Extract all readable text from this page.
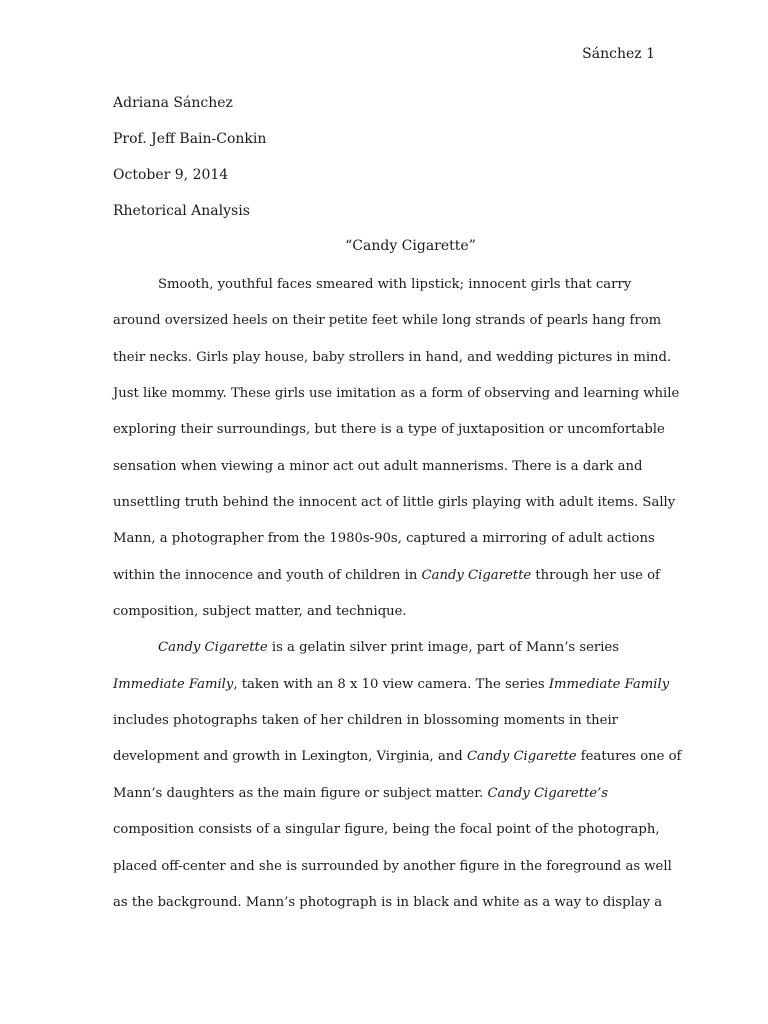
Sánchez 1
Adriana Sánchez
Prof. Jeff Bain-Conkin
October 9, 2014
Rhetorical Analysis
“Candy Cigarette”
Smooth, youthful faces smeared with lipstick; innocent girls that carry
around oversized heels on their petite feet while long strands of pearls hang from
their necks. Girls play house, baby strollers in hand, and wedding pictures in mind.
Just like mommy. These girls use imitation as a form of observing and learning while
exploring their surroundings, but there is a type of juxtaposition or uncomfortable
sensation when viewing a minor act out adult mannerisms. There is a dark and
unsettling truth behind the innocent act of little girls playing with adult items. Sally
Mann, a photographer from the 1980s-90s, captured a mirroring of adult actions
within the innocence and youth of children in Candy Cigarette through her use of
composition, subject matter, and technique.
Candy Cigarette is a gelatin silver print image, part of Mann’s series
Immediate Family, taken with an 8 x 10 view camera. The series Immediate Family
includes photographs taken of her children in blossoming moments in their
development and growth in Lexington, Virginia, and Candy Cigarette features one of
Mann’s daughters as the main figure or subject matter. Candy Cigarette’s
composition consists of a singular figure, being the focal point of the photograph,
placed off-center and she is surrounded by another figure in the foreground as well
as the background. Mann’s photograph is in black and white as a way to display a
